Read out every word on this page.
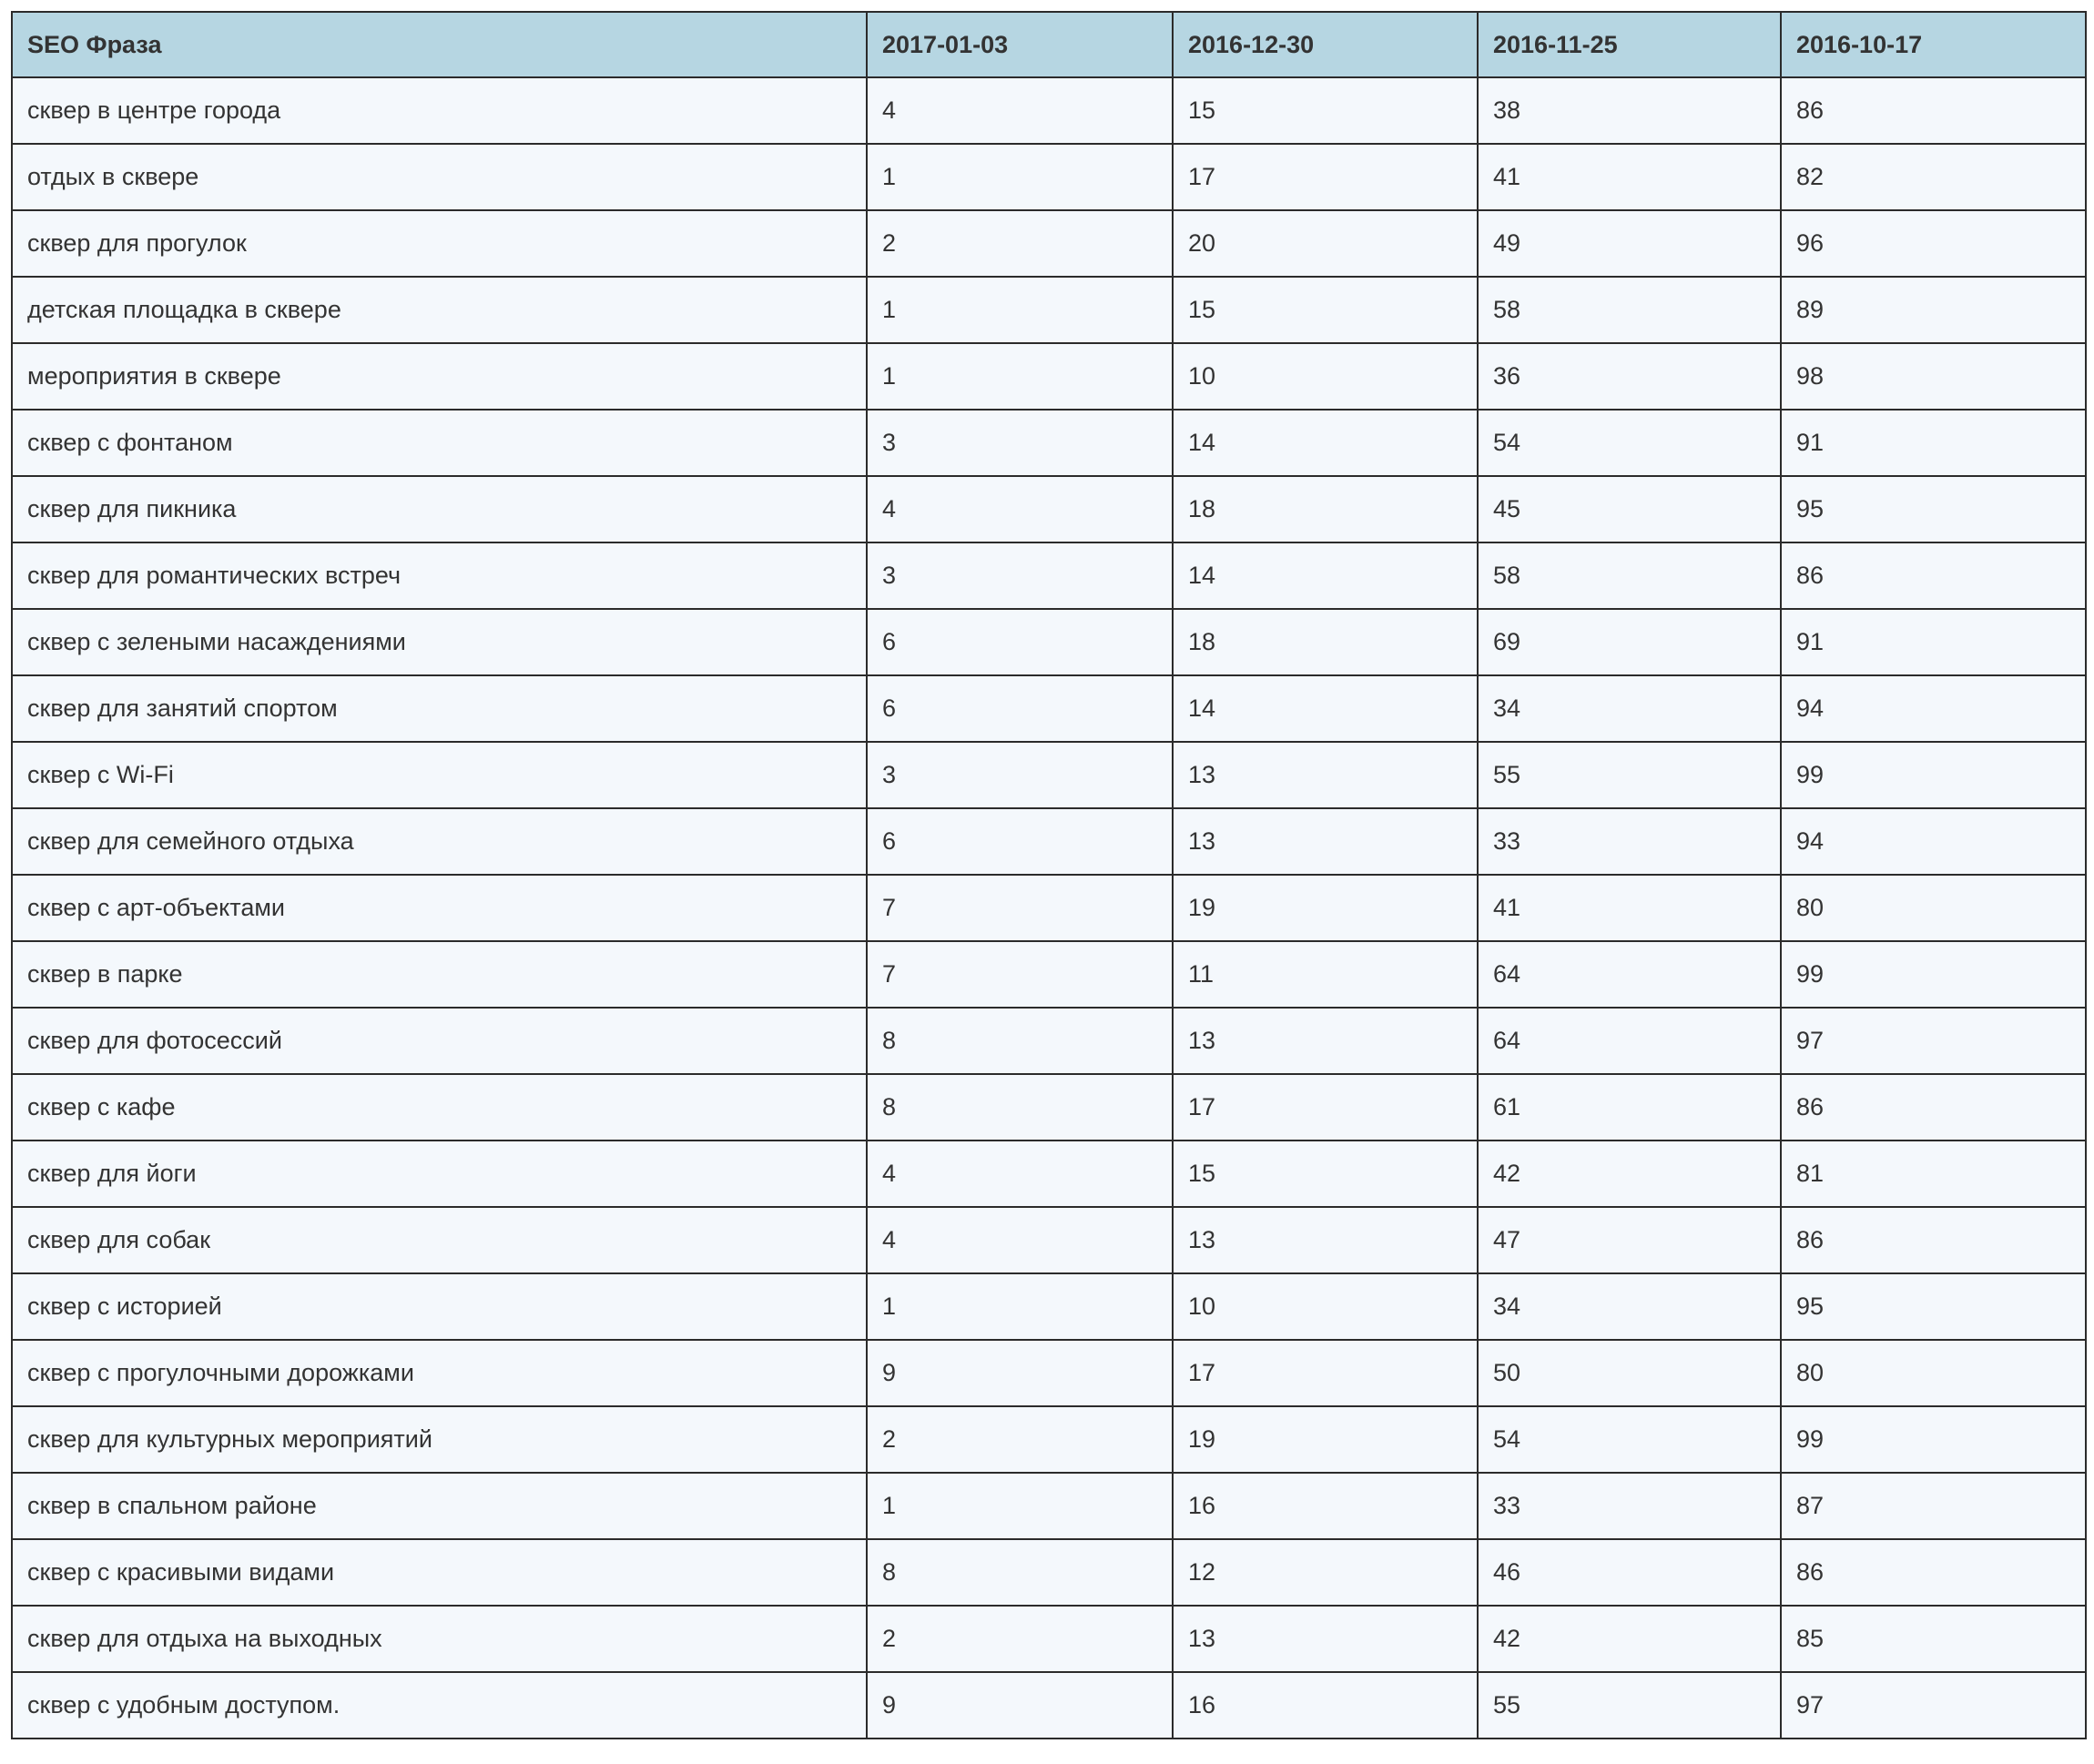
SEO Фраза	2017-01-03	2016-12-30	2016-11-25	2016-10-17
сквер в центре города	4	15	38	86
отдых в сквере	1	17	41	82
сквер для прогулок	2	20	49	96
детская площадка в сквере	1	15	58	89
мероприятия в сквере	1	10	36	98
сквер с фонтаном	3	14	54	91
сквер для пикника	4	18	45	95
сквер для романтических встреч	3	14	58	86
сквер с зелеными насаждениями	6	18	69	91
сквер для занятий спортом	6	14	34	94
сквер с Wi-Fi	3	13	55	99
сквер для семейного отдыха	6	13	33	94
сквер с арт-объектами	7	19	41	80
сквер в парке	7	11	64	99
сквер для фотосессий	8	13	64	97
сквер с кафе	8	17	61	86
сквер для йоги	4	15	42	81
сквер для собак	4	13	47	86
сквер с историей	1	10	34	95
сквер с прогулочными дорожками	9	17	50	80
сквер для культурных мероприятий	2	19	54	99
сквер в спальном районе	1	16	33	87
сквер с красивыми видами	8	12	46	86
сквер для отдыха на выходных	2	13	42	85
сквер с удобным доступом.	9	16	55	97
